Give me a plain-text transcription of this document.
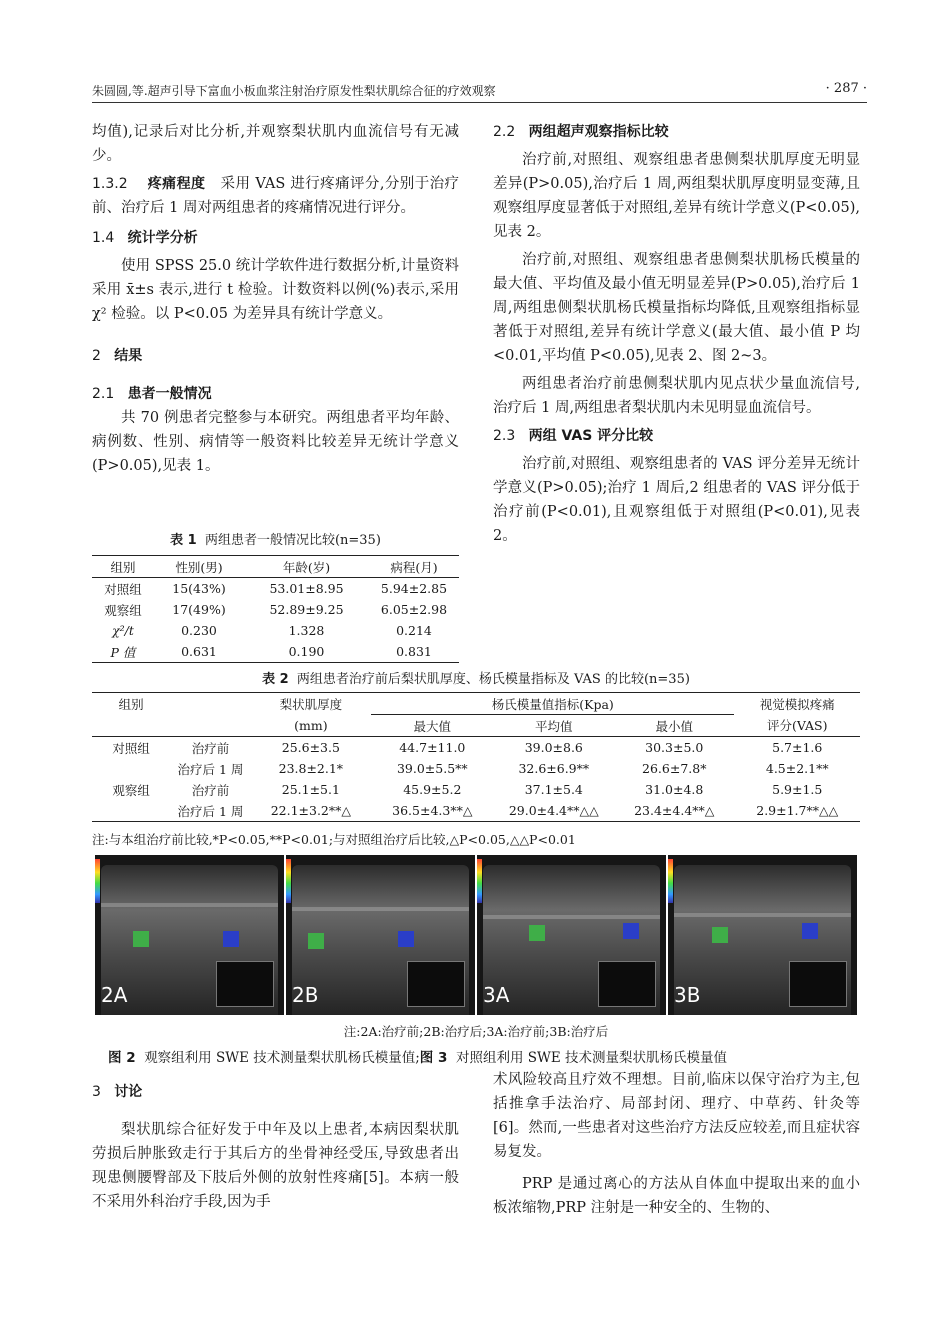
朱圆圆,等.超声引导下富血小板血浆注射治疗原发性梨状肌综合征的疗效观察	· 287 ·

均值),记录后对比分析,并观察梨状肌内血流信号有无减少。

1.3.2 疼痛程度 采用 VAS 进行疼痛评分,分别于治疗前、治疗后 1 周对两组患者的疼痛情况进行评分。

1.4 统计学分析

使用 SPSS 25.0 统计学软件进行数据分析,计量资料采用 x̄±s 表示,进行 t 检验。计数资料以例(%)表示,采用χ² 检验。以 P<0.05 为差异具有统计学意义。

2 结果

2.1 患者一般情况

共 70 例患者完整参与本研究。两组患者平均年龄、病例数、性别、病情等一般资料比较差异无统计学意义(P>0.05),见表 1。

表 1 两组患者一般情况比较(n=35)
组别	性别(男)	年龄(岁)	病程(月)
对照组	15(43%)	53.01±8.95	5.94±2.85
观察组	17(49%)	52.89±9.25	6.05±2.98
χ²/t	0.230	1.328	0.214
P 值	0.631	0.190	0.831

2.2 两组超声观察指标比较

治疗前,对照组、观察组患者患侧梨状肌厚度无明显差异(P>0.05),治疗后 1 周,两组梨状肌厚度明显变薄,且观察组厚度显著低于对照组,差异有统计学意义(P<0.05),见表 2。

治疗前,对照组、观察组患者患侧梨状肌杨氏模量的最大值、平均值及最小值无明显差异(P>0.05),治疗后 1 周,两组患侧梨状肌杨氏模量指标均降低,且观察组指标显著低于对照组,差异有统计学意义(最大值、最小值 P 均<0.01,平均值 P<0.05),见表 2、图 2~3。

两组患者治疗前患侧梨状肌内见点状少量血流信号,治疗后 1 周,两组患者梨状肌内未见明显血流信号。

2.3 两组 VAS 评分比较

治疗前,对照组、观察组患者的 VAS 评分差异无统计学意义(P>0.05);治疗 1 周后,2 组患者的 VAS 评分低于治疗前(P<0.01),且观察组低于对照组(P<0.01),见表 2。

表 2 两组患者治疗前后梨状肌厚度、杨氏模量指标及 VAS 的比较(n=35)
组别		梨状肌厚度	杨氏模量值指标(Kpa)			视觉模拟疼痛
		(mm)	最大值	平均值	最小值	评分(VAS)
对照组	治疗前	25.6±3.5	44.7±11.0	39.0±8.6	30.3±5.0	5.7±1.6
	治疗后 1 周	23.8±2.1*	39.0±5.5**	32.6±6.9**	26.6±7.8*	4.5±2.1**
观察组	治疗前	25.1±5.1	45.9±5.2	37.1±5.4	31.0±4.8	5.9±1.5
	治疗后 1 周	22.1±3.2**△	36.5±4.3**△	29.0±4.4**△△	23.4±4.4**△	2.9±1.7**△△
注:与本组治疗前比较,*P<0.05,**P<0.01;与对照组治疗后比较,△P<0.05,△△P<0.01
2A	2B	3A	3B
注:2A:治疗前;2B:治疗后;3A:治疗前;3B:治疗后
图 2 观察组利用 SWE 技术测量梨状肌杨氏模量值;图 3 对照组利用 SWE 技术测量梨状肌杨氏模量值

3 讨论

梨状肌综合征好发于中年及以上患者,本病因梨状肌劳损后肿胀致走行于其后方的坐骨神经受压,导致患者出现患侧腰臀部及下肢后外侧的放射性疼痛[5]。本病一般不采用外科治疗手段,因为手

术风险较高且疗效不理想。目前,临床以保守治疗为主,包括推拿手法治疗、局部封闭、理疗、中草药、针灸等[6]。然而,一些患者对这些治疗方法反应较差,而且症状容易复发。

PRP 是通过离心的方法从自体血中提取出来的血小板浓缩物,PRP 注射是一种安全的、生物的、
